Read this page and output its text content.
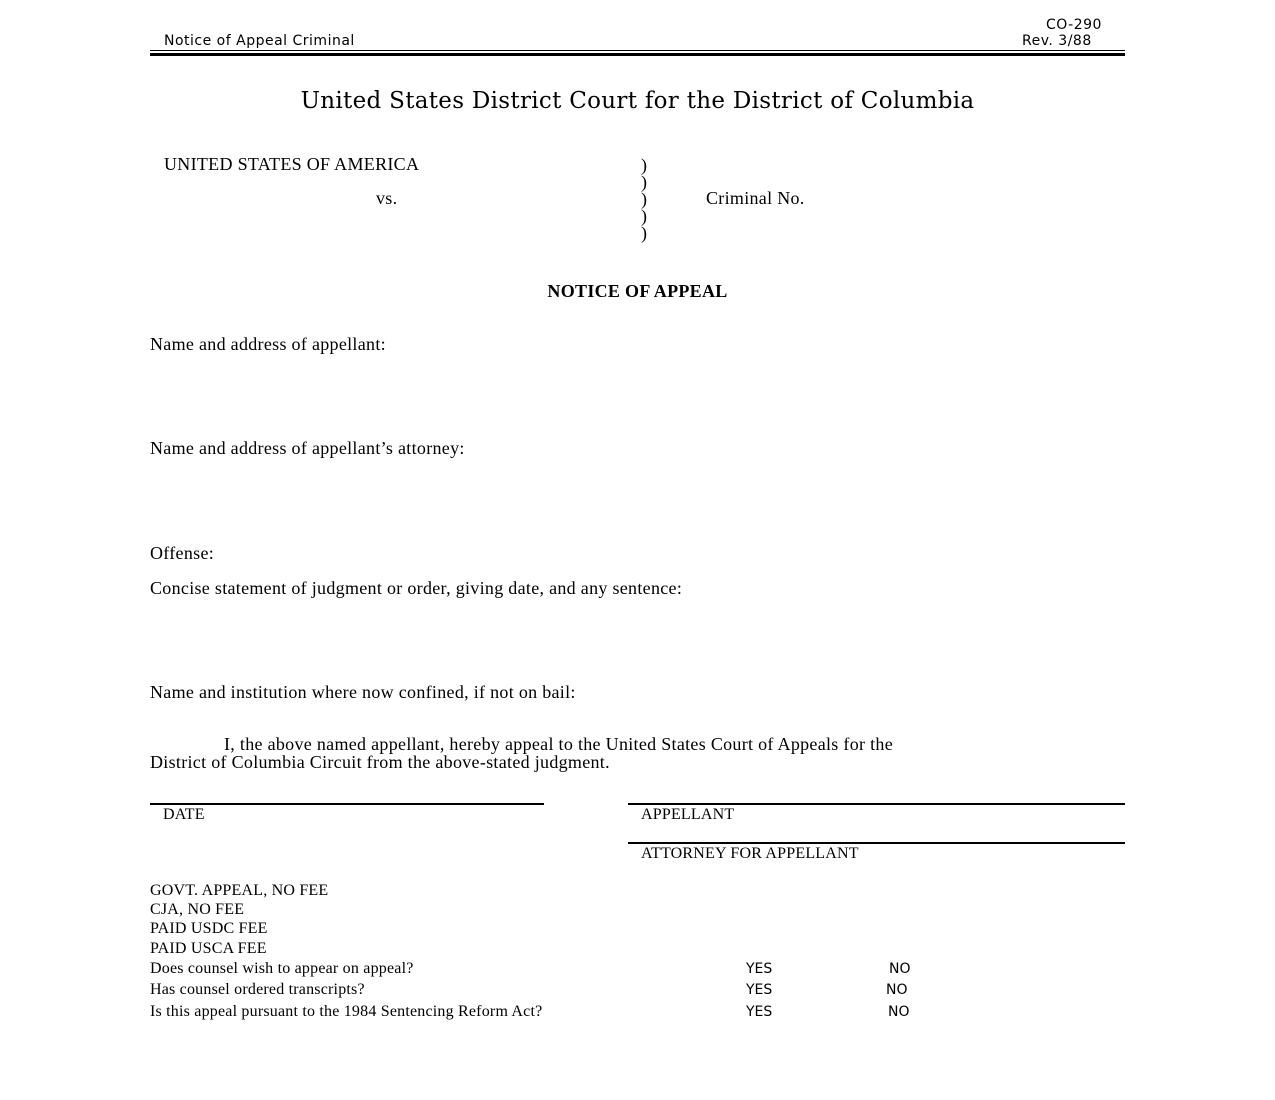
CO-290
Notice of Appeal Criminal	Rev. 3/88
United States District Court for the District of Columbia
UNITED STATES OF AMERICA
vs.	Criminal No.
)
)
)
)
)
NOTICE OF APPEAL
Name and address of appellant:
Name and address of appellant’s attorney:
Offense:
Concise statement of judgment or order, giving date, and any sentence:
Name and institution where now confined, if not on bail:
I, the above named appellant, hereby appeal to the United States Court of Appeals for the
District of Columbia Circuit from the above-stated judgment.
DATE	APPELLANT
ATTORNEY FOR APPELLANT
GOVT. APPEAL, NO FEE
CJA, NO FEE
PAID USDC FEE
PAID USCA FEE
Does counsel wish to appear on appeal?	YES	NO
Has counsel ordered transcripts?	YES	NO
Is this appeal pursuant to the 1984 Sentencing Reform Act?	YES	NO
